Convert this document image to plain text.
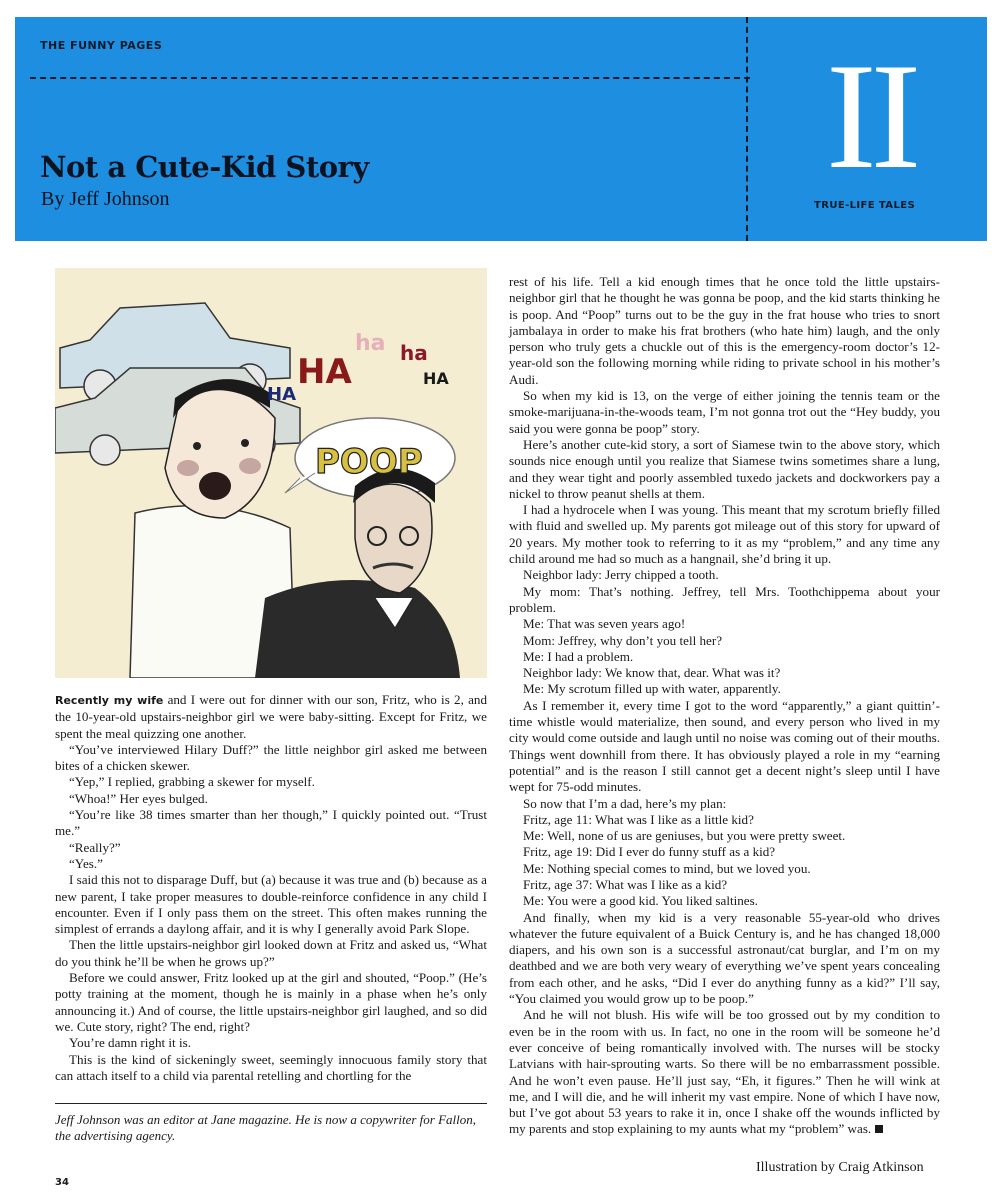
THE FUNNY PAGES
Not a Cute-Kid Story
By Jeff Johnson	II
TRUE-LIFE TALES
HA
ha ha
HA
HA
POOP

Recently my wife and I were out for dinner with our son, Fritz, who is 2, and the 10-year-old upstairs-neighbor girl we were baby-sitting. Except for Fritz, we spent the meal quizzing one another.

“You’ve interviewed Hilary Duff?” the little neighbor girl asked me between bites of a chicken skewer.

“Yep,” I replied, grabbing a skewer for myself.

“Whoa!” Her eyes bulged.

“You’re like 38 times smarter than her though,” I quickly pointed out. “Trust me.”

“Really?”

“Yes.”

I said this not to disparage Duff, but (a) because it was true and (b) because as a new parent, I take proper measures to double-reinforce confidence in any child I encounter. Even if I only pass them on the street. This often makes running the simplest of errands a daylong affair, and it is why I generally avoid Park Slope.

Then the little upstairs-neighbor girl looked down at Fritz and asked us, “What do you think he’ll be when he grows up?”

Before we could answer, Fritz looked up at the girl and shouted, “Poop.” (He’s potty training at the moment, though he is mainly in a phase when he’s only announcing it.) And of course, the little upstairs-neighbor girl laughed, and so did we. Cute story, right? The end, right?

You’re damn right it is.

This is the kind of sickeningly sweet, seemingly innocuous family story that can attach itself to a child via parental retelling and chortling for the

rest of his life. Tell a kid enough times that he once told the little upstairs-neighbor girl that he thought he was gonna be poop, and the kid starts thinking he is poop. And “Poop” turns out to be the guy in the frat house who tries to snort jambalaya in order to make his frat brothers (who hate him) laugh, and the only person who truly gets a chuckle out of this is the emergency-room doctor’s 12-year-old son the following morning while riding to private school in his mother’s Audi.

So when my kid is 13, on the verge of either joining the tennis team or the smoke-marijuana-in-the-woods team, I’m not gonna trot out the “Hey buddy, you said you were gonna be poop” story.

Here’s another cute-kid story, a sort of Siamese twin to the above story, which sounds nice enough until you realize that Siamese twins sometimes share a lung, and they wear tight and poorly assembled tuxedo jackets and dockworkers pay a nickel to throw peanut shells at them.

I had a hydrocele when I was young. This meant that my scrotum briefly filled with fluid and swelled up. My parents got mileage out of this story for upward of 20 years. My mother took to referring to it as my “problem,” and any time any child around me had so much as a hangnail, she’d bring it up.

Neighbor lady: Jerry chipped a tooth.

My mom: That’s nothing. Jeffrey, tell Mrs. Toothchippema about your problem.

Me: That was seven years ago!

Mom: Jeffrey, why don’t you tell her?

Me: I had a problem.

Neighbor lady: We know that, dear. What was it?

Me: My scrotum filled up with water, apparently.

As I remember it, every time I got to the word “apparently,” a giant quittin’-time whistle would materialize, then sound, and every person who lived in my city would come outside and laugh until no noise was coming out of their mouths. Things went downhill from there. It has obviously played a role in my “earning potential” and is the reason I still cannot get a decent night’s sleep until I have wept for 75-odd minutes.

So now that I’m a dad, here’s my plan:

Fritz, age 11: What was I like as a little kid?

Me: Well, none of us are geniuses, but you were pretty sweet.

Fritz, age 19: Did I ever do funny stuff as a kid?

Me: Nothing special comes to mind, but we loved you.

Fritz, age 37: What was I like as a kid?

Me: You were a good kid. You liked saltines.

And finally, when my kid is a very reasonable 55-year-old who drives whatever the future equivalent of a Buick Century is, and he has changed 18,000 diapers, and his own son is a successful astronaut/cat burglar, and I’m on my deathbed and we are both very weary of everything we’ve spent years concealing from each other, and he asks, “Did I ever do anything funny as a kid?” I’ll say, “You claimed you would grow up to be poop.”

And he will not blush. His wife will be too grossed out by my condition to even be in the room with us. In fact, no one in the room will be someone he’d ever conceive of being romantically involved with. The nurses will be stocky Latvians with hair-sprouting warts. So there will be no embarrassment possible. And he won’t even pause. He’ll just say, “Eh, it figures.” Then he will wink at me, and I will die, and he will inherit my vast empire. None of which I have now, but I’ve got about 53 years to rake it in, once I shake off the wounds inflicted by my parents and stop explaining to my aunts what my “problem” was.

Jeff Johnson was an editor at Jane magazine. He is now a copywriter for Fallon, the advertising agency.
34
Illustration by Craig Atkinson
